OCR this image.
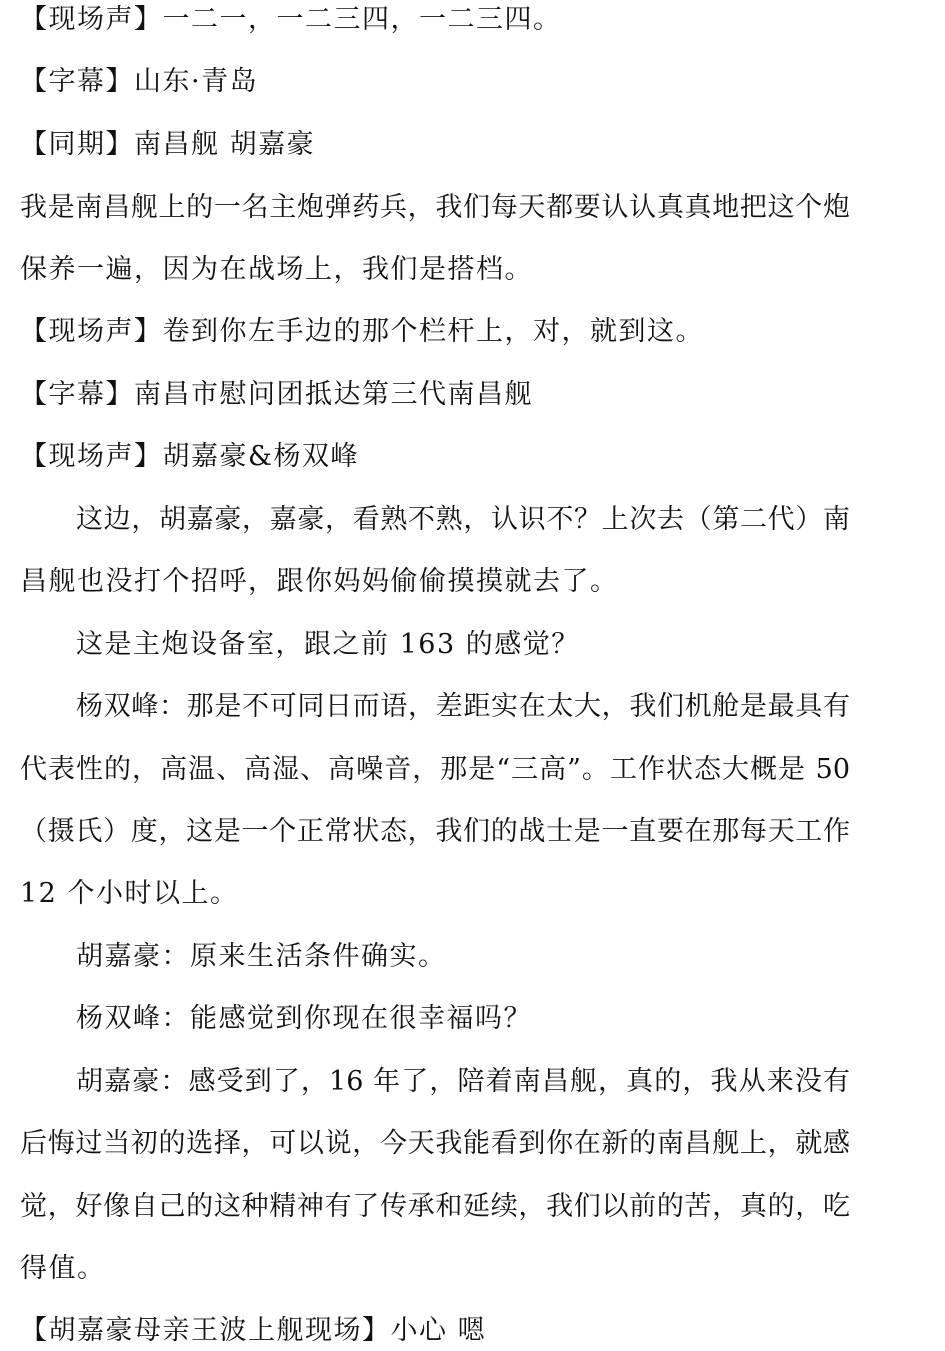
【现场声】一二一，一二三四，一二三四。
【字幕】山东·青岛
【同期】南昌舰 胡嘉豪
我是南昌舰上的一名主炮弹药兵，我们每天都要认认真真地把这个炮
保养一遍，因为在战场上，我们是搭档。
【现场声】卷到你左手边的那个栏杆上，对，就到这。
【字幕】南昌市慰问团抵达第三代南昌舰
【现场声】胡嘉豪&杨双峰
这边，胡嘉豪，嘉豪，看熟不熟，认识不？上次去（第二代）南
昌舰也没打个招呼，跟你妈妈偷偷摸摸就去了。
这是主炮设备室，跟之前 163 的感觉？
杨双峰：那是不可同日而语，差距实在太大，我们机舱是最具有
代表性的，高温、高湿、高噪音，那是“三高”。工作状态大概是 50
（摄氏）度，这是一个正常状态，我们的战士是一直要在那每天工作
12 个小时以上。
胡嘉豪：原来生活条件确实。
杨双峰：能感觉到你现在很幸福吗？
胡嘉豪：感受到了，16 年了，陪着南昌舰，真的，我从来没有
后悔过当初的选择，可以说，今天我能看到你在新的南昌舰上，就感
觉，好像自己的这种精神有了传承和延续，我们以前的苦，真的，吃
得值。
【胡嘉豪母亲王波上舰现场】小心 嗯
